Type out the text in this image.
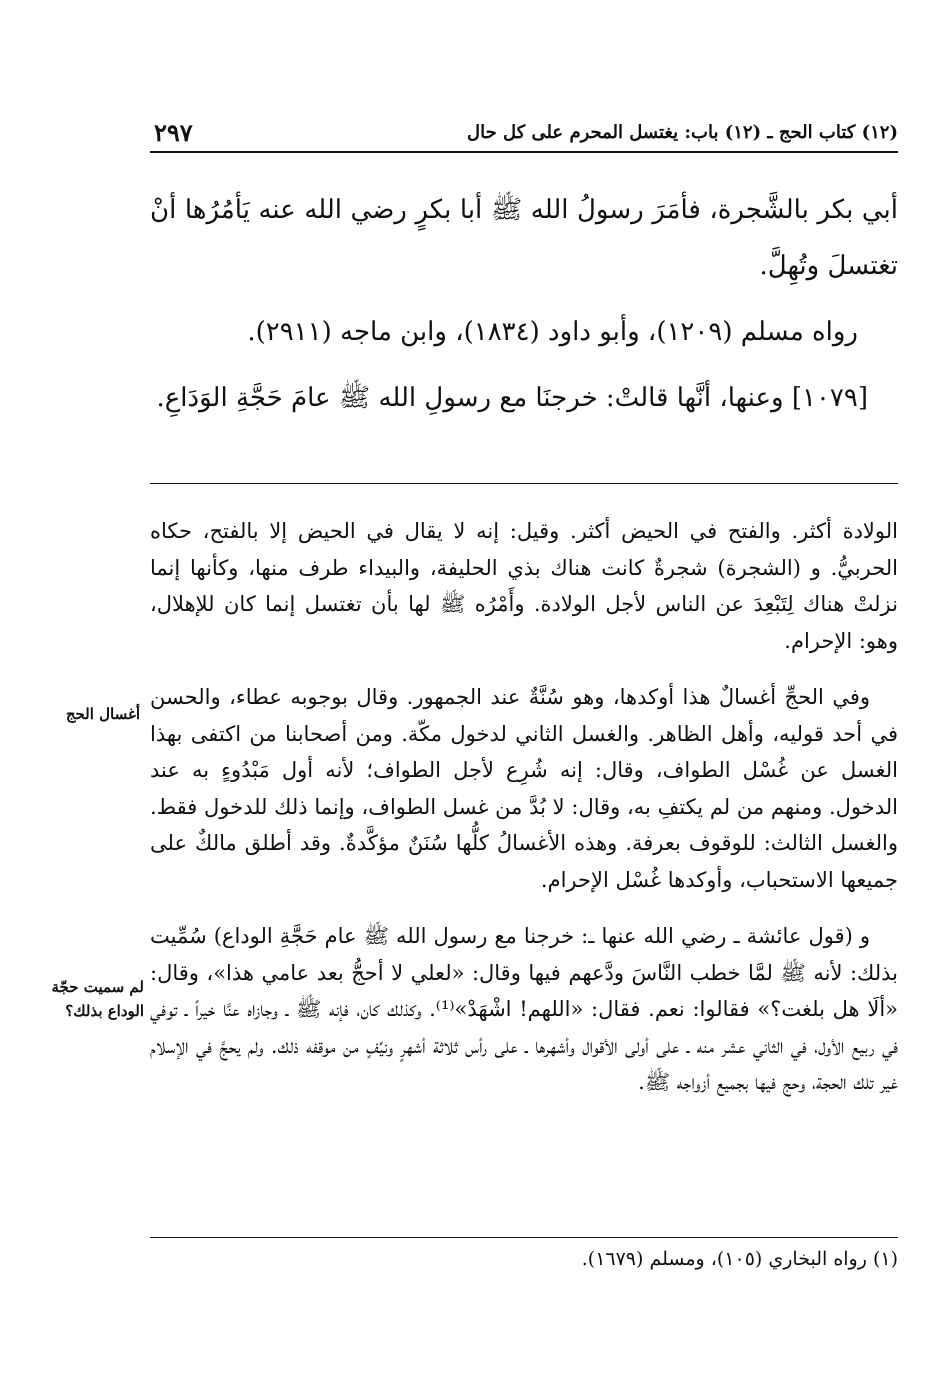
٢٩٧	(١٢) كتاب الحج ـ (١٢) باب: يغتسل المحرم على كل حال

أبي بكر بالشَّجرة، فأمَرَ رسولُ الله ﷺ أبا بكرٍ رضي الله عنه يَأمُرُها أنْ تغتسلَ وتُهِلَّ.

رواه مسلم (١٢٠٩)، وأبو داود (١٨٣٤)، وابن ماجه (٢٩١١).

[١٠٧٩] وعنها، أنَّها قالتْ: خرجنَا مع رسولِ الله ﷺ عامَ حَجَّةِ الوَدَاعِ.

الولادة أكثر. والفتح في الحيض أكثر. وقيل: إنه لا يقال في الحيض إلا بالفتح، حكاه الحربيُّ. و (الشجرة) شجرةٌ كانت هناك بذي الحليفة، والبيداء طرف منها، وكأنها إنما نزلتْ هناك لِتَبْعِدَ عن الناس لأجل الولادة. وأَمْرُه ﷺ لها بأن تغتسل إنما كان للإهلال، وهو: الإحرام.

وفي الحجِّ أغسالٌ هذا أوكدها، وهو سُنَّةٌ عند الجمهور. وقال بوجوبه عطاء، والحسن في أحد قوليه، وأهل الظاهر. والغسل الثاني لدخول مكّة. ومن أصحابنا من اكتفى بهذا الغسل عن غُسْل الطواف، وقال: إنه شُرِع لأجل الطواف؛ لأنه أول مَبْدُوءٍ به عند الدخول. ومنهم من لم يكتفِ به، وقال: لا بُدَّ من غسل الطواف، وإنما ذلك للدخول فقط. والغسل الثالث: للوقوف بعرفة. وهذه الأغسالُ كلُّها سُنَنٌ مؤكَّدةٌ. وقد أطلق مالكٌ على جميعها الاستحباب، وأوكدها غُسْل الإحرام.

و (قول عائشة ـ رضي الله عنها ـ: خرجنا مع رسول الله ﷺ عام حَجَّةِ الوداع) سُمِّيت بذلك: لأنه ﷺ لمَّا خطب النَّاسَ ودَّعهم فيها وقال: «لعلي لا أحجُّ بعد عامي هذا»، وقال: «ألَا هل بلغت؟» فقالوا: نعم. فقال: «اللهم! اشْهَدْ»⁽¹⁾. وكذلك كان، فإنه ﷺ ـ وجازاه عنَّا خيراً ـ توفي في ربيع الأول، في الثاني عشر منه ـ على أولى الأقوال وأشهرها ـ على رأس ثلاثة أشهرٍ ونيِّفٍ من موقفه ذلك. ولم يحجَّ في الإسلام غير تلك الحجة، وحج فيها بجميع أزواجه ﷺ.

أغسال الحج
لم سميت حجّة الوداع بذلك؟
(١) رواه البخاري (١٠٥)، ومسلم (١٦٧٩).
